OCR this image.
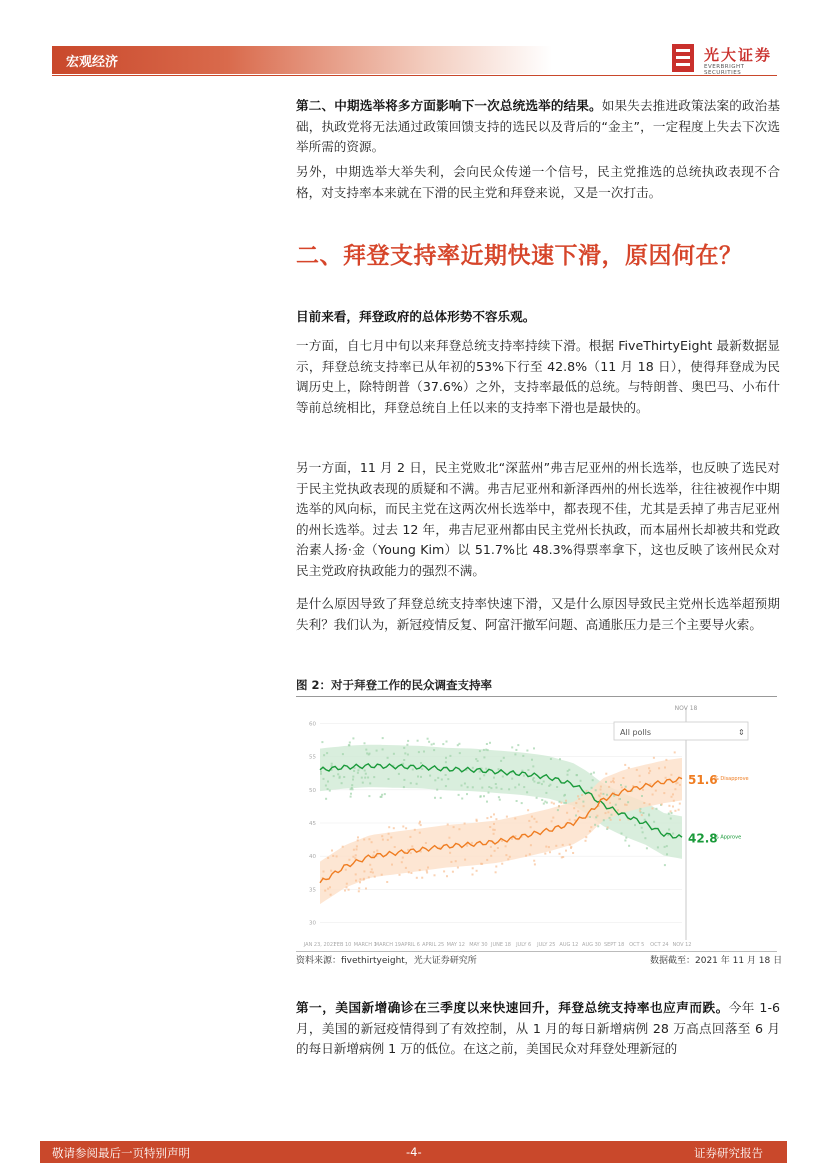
宏观经济	光大证券
EVERBRIGHT SECURITIES
第二、中期选举将多方面影响下一次总统选举的结果。如果失去推进政策法案的政治基础，执政党将无法通过政策回馈支持的选民以及背后的“金主”，一定程度上失去下次选举所需的资源。
另外，中期选举大举失利，会向民众传递一个信号，民主党推选的总统执政表现不合格，对支持率本来就在下滑的民主党和拜登来说，又是一次打击。
二、拜登支持率近期快速下滑，原因何在？
目前来看，拜登政府的总体形势不容乐观。
一方面，自七月中旬以来拜登总统支持率持续下滑。根据 FiveThirtyEight 最新数据显示，拜登总统支持率已从年初的53%下行至 42.8%（11 月 18 日），使得拜登成为民调历史上，除特朗普（37.6%）之外，支持率最低的总统。与特朗普、奥巴马、小布什等前总统相比，拜登总统自上任以来的支持率下滑也是最快的。
另一方面，11 月 2 日，民主党败北“深蓝州”弗吉尼亚州的州长选举，也反映了选民对于民主党执政表现的质疑和不满。弗吉尼亚州和新泽西州的州长选举，往往被视作中期选举的风向标，而民主党在这两次州长选举中，都表现不佳，尤其是丢掉了弗吉尼亚州的州长选举。过去 12 年，弗吉尼亚州都由民主党州长执政，而本届州长却被共和党政治素人扬·金（Young Kim）以 51.7%比 48.3%得票率拿下，这也反映了该州民众对民主党政府执政能力的强烈不满。
是什么原因导致了拜登总统支持率快速下滑，又是什么原因导致民主党州长选举超预期失利？我们认为，新冠疫情反复、阿富汗撤军问题、高通胀压力是三个主要导火索。
图 2：对于拜登工作的民众调查支持率
60
55
50
45
40
35
30
JAN 23, 2021
FEB 10 MARCH 1
MARCH 19 APRIL 6 APRIL 25 MAY 12 MAY 30 JUNE 18 JULY 6 JULY 25 AUG 12 AUG 30 SEPT 18 OCT 5 OCT 24 NOV 12
51.6
% Disapprove
42.8
% Approve
NOV 18
All polls	⇕
资料来源：fivethirtyeight，光大证券研究所	数据截至：2021 年 11 月 18 日
第一，美国新增确诊在三季度以来快速回升，拜登总统支持率也应声而跌。今年 1-6 月，美国的新冠疫情得到了有效控制，从 1 月的每日新增病例 28 万高点回落至 6 月的每日新增病例 1 万的低位。在这之前，美国民众对拜登处理新冠的
敬请参阅最后一页特别声明	-4-	证券研究报告
